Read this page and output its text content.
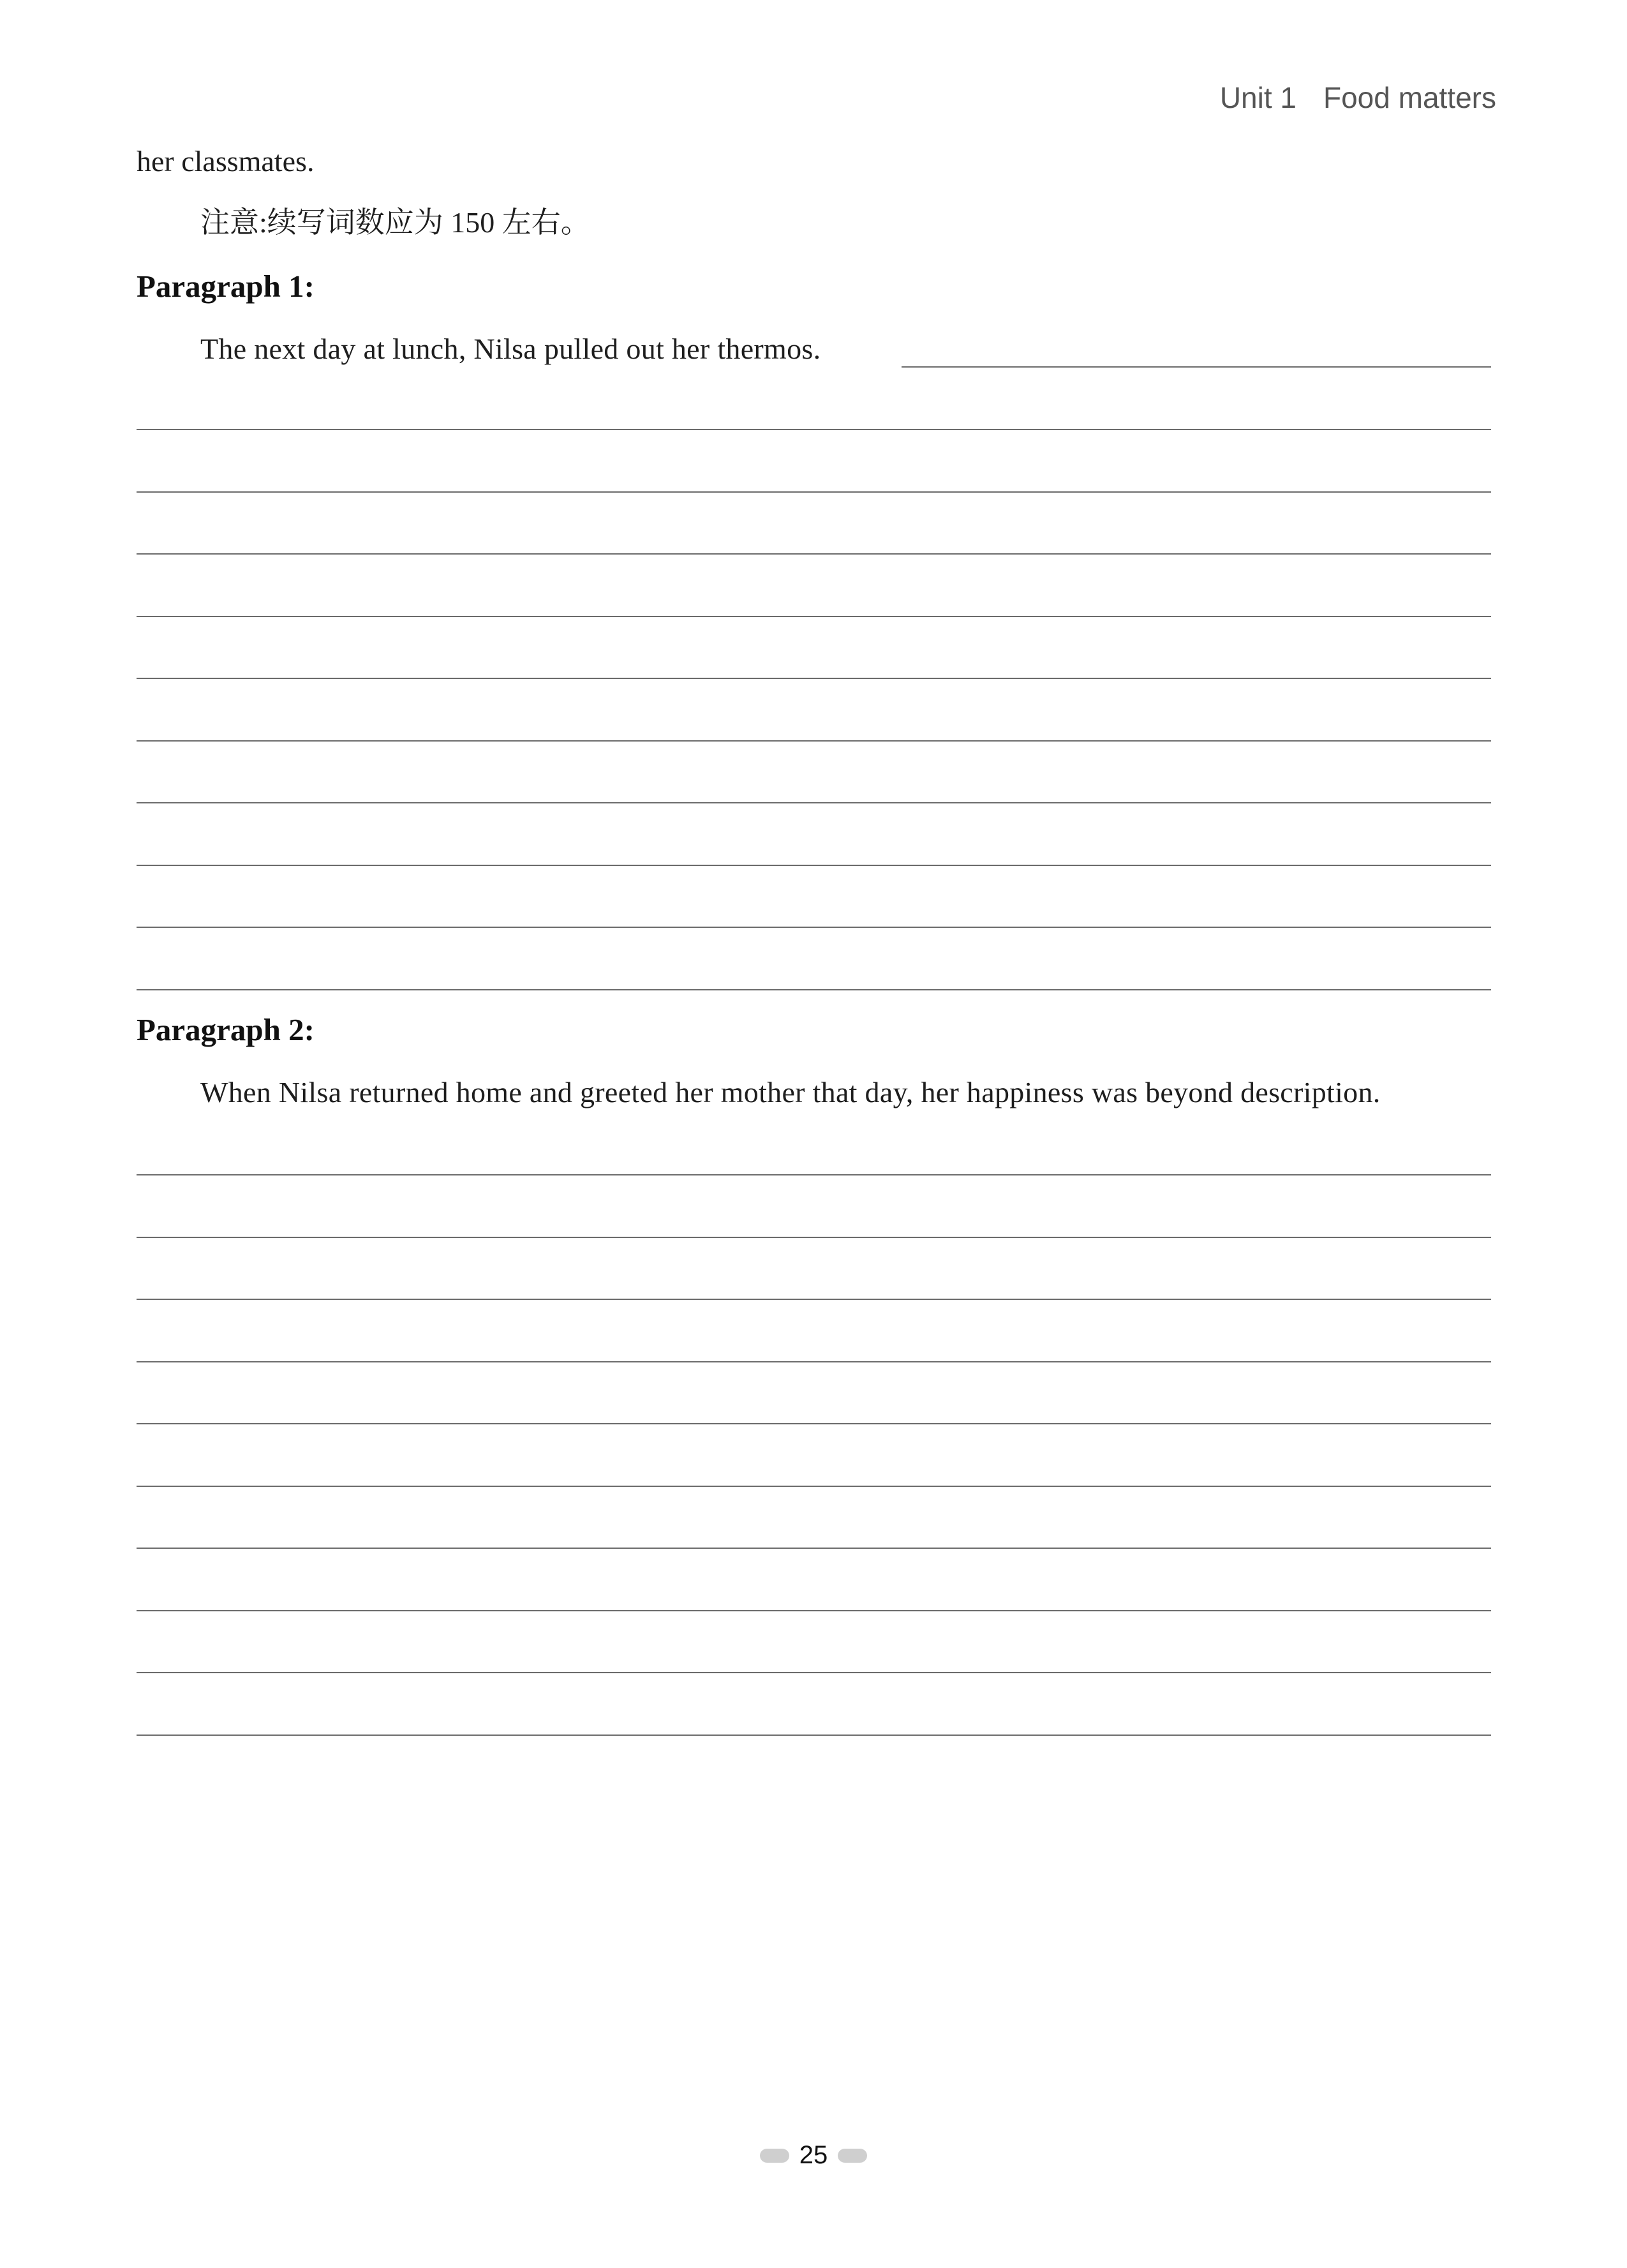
Unit 1 Food matters
her classmates.
注意:续写词数应为 150 左右。
Paragraph 1:
The next day at lunch, Nilsa pulled out her thermos.
Paragraph 2:
When Nilsa returned home and greeted her mother that day, her happiness was beyond description.
25
